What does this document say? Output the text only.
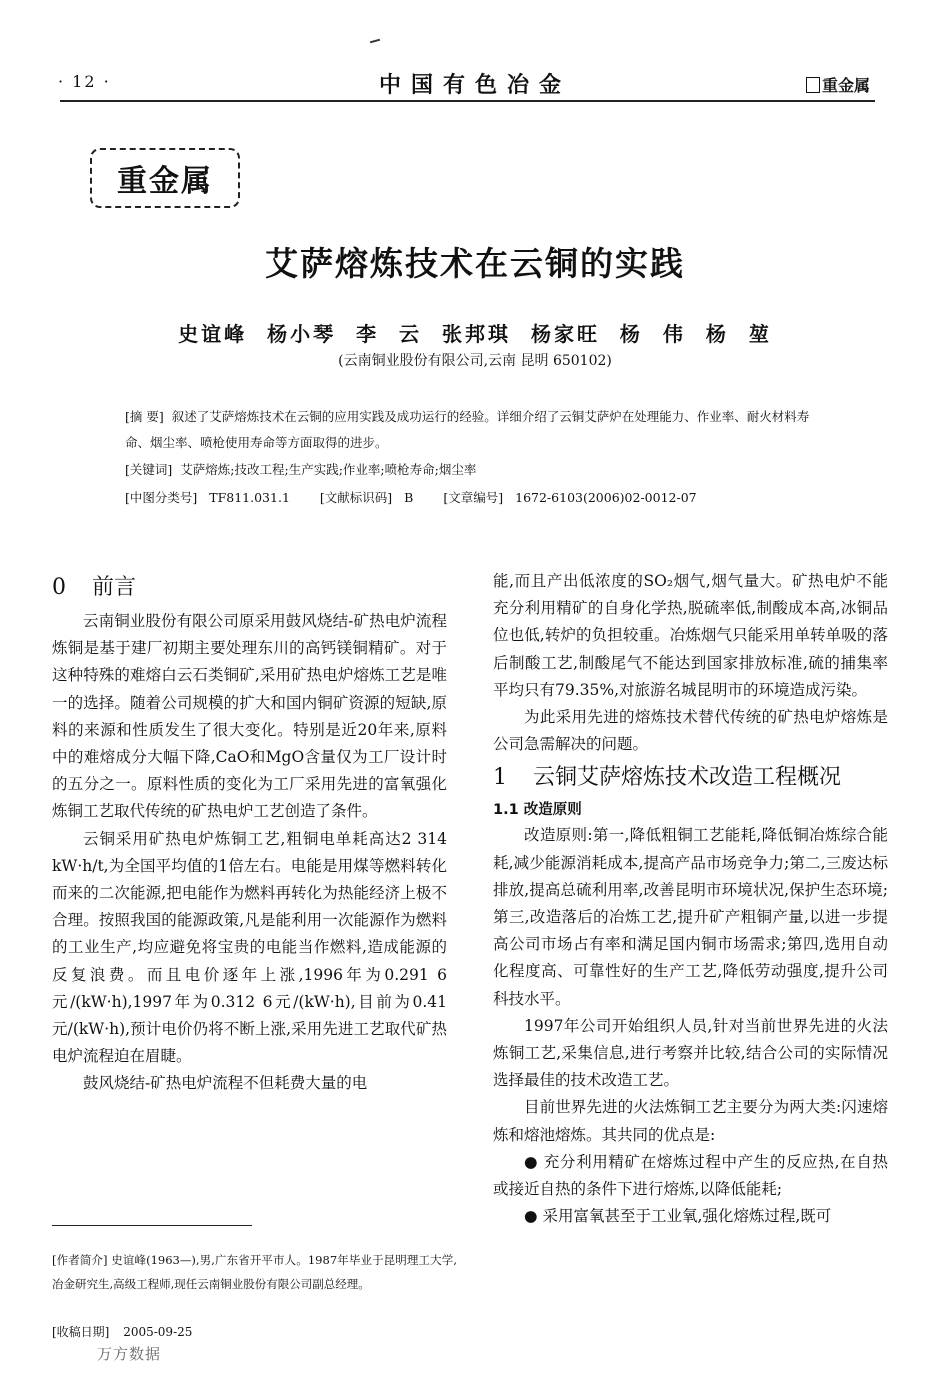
· 12 ·	中国有色冶金	重金属
重金属
艾萨熔炼技术在云铜的实践
史谊峰 杨小琴 李 云 张邦琪 杨家旺 杨 伟 杨 堃
(云南铜业股份有限公司,云南 昆明 650102)
[摘 要] 叙述了艾萨熔炼技术在云铜的应用实践及成功运行的经验。详细介绍了云铜艾萨炉在处理能力、作业率、耐火材料寿命、烟尘率、喷枪使用寿命等方面取得的进步。
[关键词] 艾萨熔炼;技改工程;生产实践;作业率;喷枪寿命;烟尘率
[中图分类号] TF811.031.1 [文献标识码] B [文章编号] 1672-6103(2006)02-0012-07
0 前言

云南铜业股份有限公司原采用鼓风烧结-矿热电炉流程炼铜是基于建厂初期主要处理东川的高钙镁铜精矿。对于这种特殊的难熔白云石类铜矿,采用矿热电炉熔炼工艺是唯一的选择。随着公司规模的扩大和国内铜矿资源的短缺,原料的来源和性质发生了很大变化。特别是近20年来,原料中的难熔成分大幅下降,CaO和MgO含量仅为工厂设计时的五分之一。原料性质的变化为工厂采用先进的富氧强化炼铜工艺取代传统的矿热电炉工艺创造了条件。

云铜采用矿热电炉炼铜工艺,粗铜电单耗高达2 314 kW·h/t,为全国平均值的1倍左右。电能是用煤等燃料转化而来的二次能源,把电能作为燃料再转化为热能经济上极不合理。按照我国的能源政策,凡是能利用一次能源作为燃料的工业生产,均应避免将宝贵的电能当作燃料,造成能源的反复浪费。而且电价逐年上涨,1996年为0.291 6元/(kW·h),1997年为0.312 6元/(kW·h),目前为0.41元/(kW·h),预计电价仍将不断上涨,采用先进工艺取代矿热电炉流程迫在眉睫。

鼓风烧结-矿热电炉流程不但耗费大量的电

能,而且产出低浓度的SO₂烟气,烟气量大。矿热电炉不能充分利用精矿的自身化学热,脱硫率低,制酸成本高,冰铜品位也低,转炉的负担较重。冶炼烟气只能采用单转单吸的落后制酸工艺,制酸尾气不能达到国家排放标准,硫的捕集率平均只有79.35%,对旅游名城昆明市的环境造成污染。

为此采用先进的熔炼技术替代传统的矿热电炉熔炼是公司急需解决的问题。

1 云铜艾萨熔炼技术改造工程概况
1.1 改造原则

改造原则:第一,降低粗铜工艺能耗,降低铜冶炼综合能耗,减少能源消耗成本,提高产品市场竞争力;第二,三废达标排放,提高总硫利用率,改善昆明市环境状况,保护生态环境;第三,改造落后的冶炼工艺,提升矿产粗铜产量,以进一步提高公司市场占有率和满足国内铜市场需求;第四,选用自动化程度高、可靠性好的生产工艺,降低劳动强度,提升公司科技水平。

1997年公司开始组织人员,针对当前世界先进的火法炼铜工艺,采集信息,进行考察并比较,结合公司的实际情况选择最佳的技术改造工艺。

目前世界先进的火法炼铜工艺主要分为两大类:闪速熔炼和熔池熔炼。其共同的优点是:

● 充分利用精矿在熔炼过程中产生的反应热,在自热或接近自热的条件下进行熔炼,以降低能耗;

● 采用富氧甚至于工业氧,强化熔炼过程,既可

[作者简介] 史谊峰(1963—),男,广东省开平市人。1987年毕业于昆明理工大学,冶金研究生,高级工程师,现任云南铜业股份有限公司副总经理。
[收稿日期] 2005-09-25
万方数据
